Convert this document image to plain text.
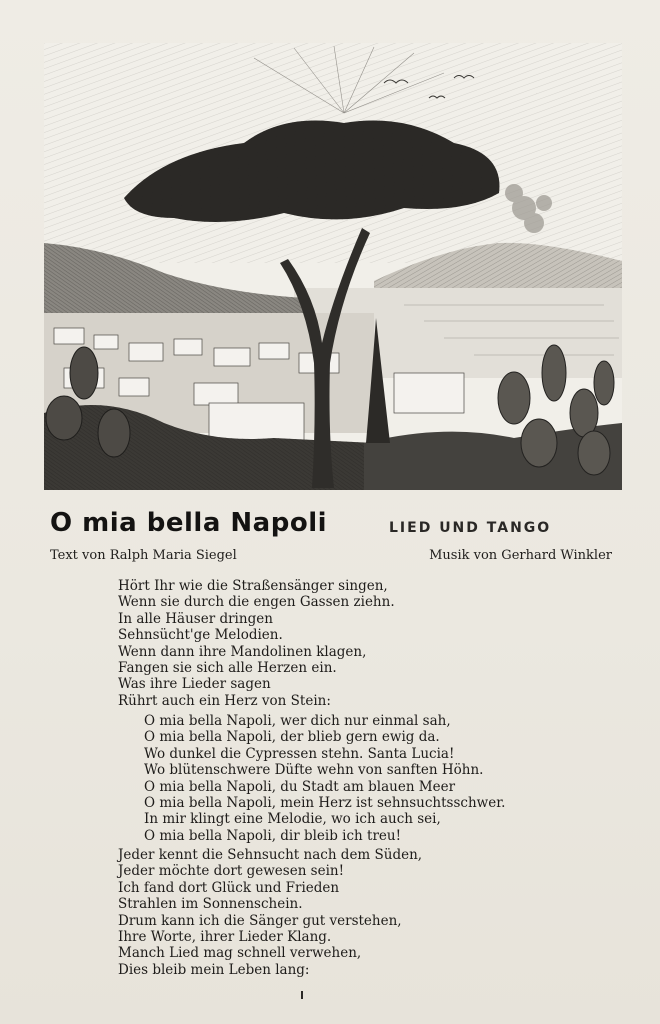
O mia bella Napoli	LIED UND TANGO
Text von Ralph Maria Siegel	Musik von Gerhard Winkler
Hört Ihr wie die Straßensänger singen,
Wenn sie durch die engen Gassen ziehn.
In alle Häuser dringen
Sehnsücht'ge Melodien.
Wenn dann ihre Mandolinen klagen,
Fangen sie sich alle Herzen ein.
Was ihre Lieder sagen
Rührt auch ein Herz von Stein:
O mia bella Napoli, wer dich nur einmal sah,
O mia bella Napoli, der blieb gern ewig da.
Wo dunkel die Cypressen stehn. Santa Lucia!
Wo blütenschwere Düfte wehn von sanften Höhn.
O mia bella Napoli, du Stadt am blauen Meer
O mia bella Napoli, mein Herz ist sehnsuchtsschwer.
In mir klingt eine Melodie, wo ich auch sei,
O mia bella Napoli, dir bleib ich treu!
Jeder kennt die Sehnsucht nach dem Süden,
Jeder möchte dort gewesen sein!
Ich fand dort Glück und Frieden
Strahlen im Sonnenschein.
Drum kann ich die Sänger gut verstehen,
Ihre Worte, ihrer Lieder Klang.
Manch Lied mag schnell verwehen,
Dies bleib mein Leben lang:
